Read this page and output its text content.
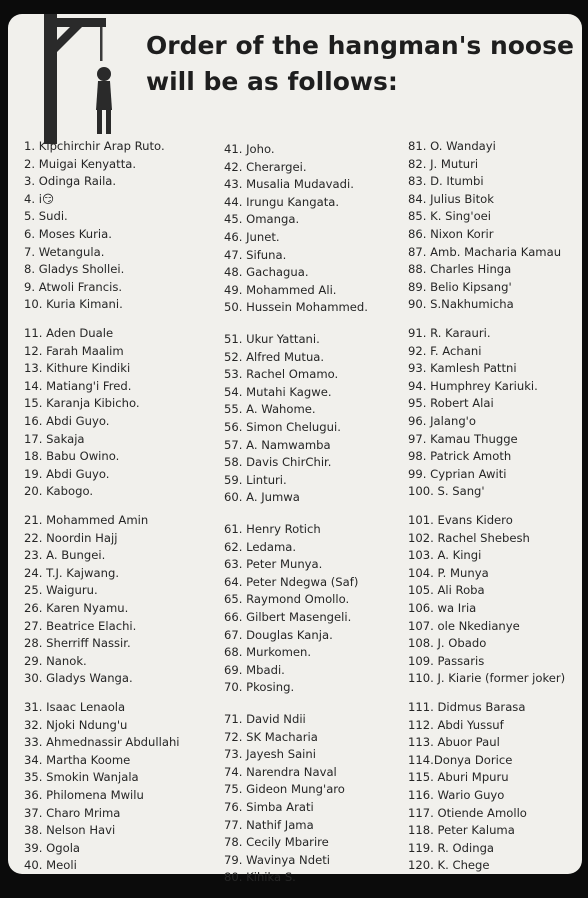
Order of the hangman's noose will be as follows:
1. Kipchirchir Arap Ruto.
2. Muigai Kenyatta.
3. Odinga Raila.
4. i😏
5. Sudi.
6. Moses Kuria.
7. Wetangula.
8. Gladys Shollei.
9. Atwoli Francis.
10. Kuria Kimani.
11. Aden Duale
12. Farah Maalim
13. Kithure Kindiki
14. Matiang'i Fred.
15. Karanja Kibicho.
16. Abdi Guyo.
17. Sakaja
18. Babu Owino.
19. Abdi Guyo.
20. Kabogo.
21. Mohammed Amin
22. Noordin Hajj
23. A. Bungei.
24. T.J. Kajwang.
25. Waiguru.
26. Karen Nyamu.
27. Beatrice Elachi.
28. Sherriff Nassir.
29. Nanok.
30. Gladys Wanga.
31. Isaac Lenaola
32. Njoki Ndung'u
33. Ahmednassir Abdullahi
34. Martha Koome
35. Smokin Wanjala
36. Philomena Mwilu
37. Charo Mrima
38. Nelson Havi
39. Ogola
40. Meoli
41. Joho.
42. Cherargei.
43. Musalia Mudavadi.
44. Irungu Kangata.
45. Omanga.
46. Junet.
47. Sifuna.
48. Gachagua.
49. Mohammed Ali.
50. Hussein Mohammed.
51. Ukur Yattani.
52. Alfred Mutua.
53. Rachel Omamo.
54. Mutahi Kagwe.
55. A. Wahome.
56. Simon Chelugui.
57. A. Namwamba
58. Davis ChirChir.
59. Linturi.
60. A. Jumwa
61. Henry Rotich
62. Ledama.
63. Peter Munya.
64. Peter Ndegwa (Saf)
65. Raymond Omollo.
66. Gilbert Masengeli.
67. Douglas Kanja.
68. Murkomen.
69. Mbadi.
70. Pkosing.
71. David Ndii
72. SK Macharia
73. Jayesh Saini
74. Narendra Naval
75. Gideon Mung'aro
76. Simba Arati
77. Nathif Jama
78. Cecily Mbarire
79. Wavinya Ndeti
80. Kihika S.
81. O. Wandayi
82. J. Muturi
83. D. Itumbi
84. Julius Bitok
85. K. Sing'oei
86. Nixon Korir
87. Amb. Macharia Kamau
88. Charles Hinga
89. Belio Kipsang'
90. S.Nakhumicha
91. R. Karauri.
92. F. Achani
93. Kamlesh Pattni
94. Humphrey Kariuki.
95. Robert Alai
96. Jalang'o
97. Kamau Thugge
98. Patrick Amoth
99. Cyprian Awiti
100. S. Sang'
101. Evans Kidero
102. Rachel Shebesh
103. A. Kingi
104. P. Munya
105. Ali Roba
106. wa Iria
107. ole Nkedianye
108. J. Obado
109. Passaris
110. J. Kiarie (former joker)
111. Didmus Barasa
112. Abdi Yussuf
113. Abuor Paul
114.Donya Dorice
115. Aburi Mpuru
116. Wario Guyo
117. Otiende Amollo
118. Peter Kaluma
119. R. Odinga
120. K. Chege
